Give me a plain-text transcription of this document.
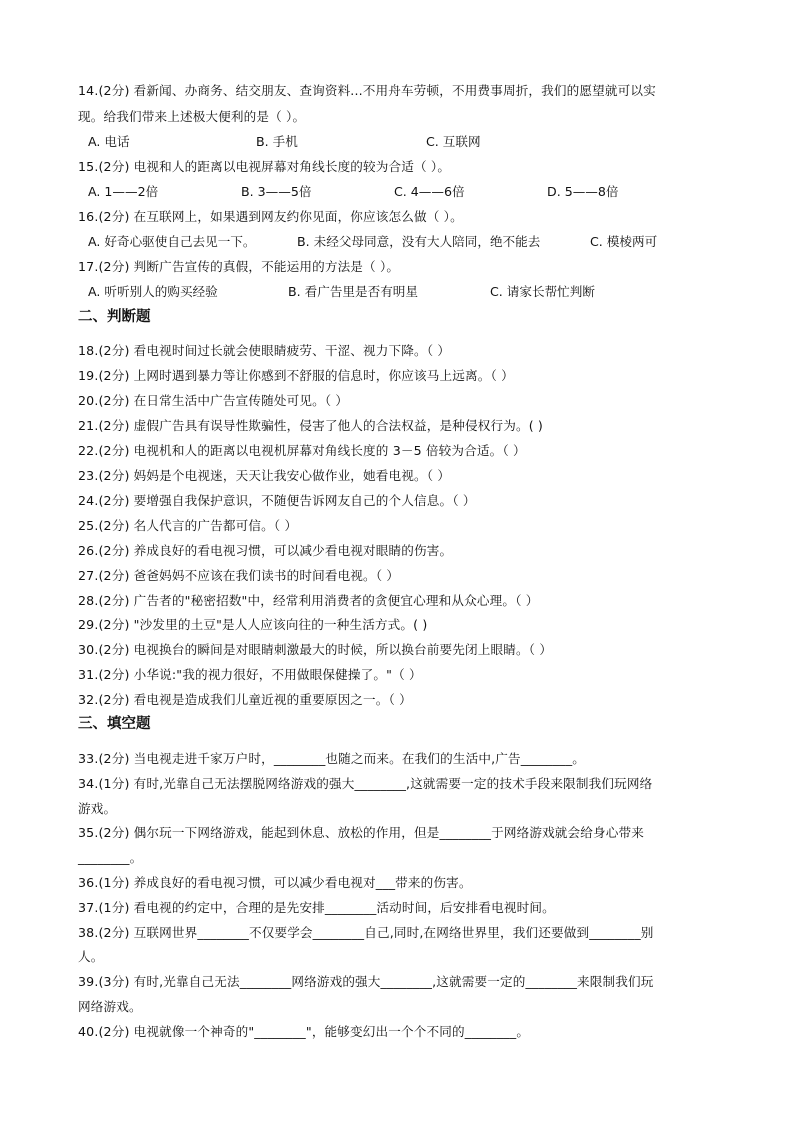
14.(2分) 看新闻、办商务、结交朋友、查询资料...不用舟车劳顿，不用费事周折，我们的愿望就可以实
现。给我们带来上述极大便利的是（ ）。
A. 电话	B. 手机	C. 互联网
15.(2分) 电视和人的距离以电视屏幕对角线长度的较为合适（ ）。
A. 1——2倍	B. 3——5倍	C. 4——6倍	D. 5——8倍
16.(2分) 在互联网上，如果遇到网友约你见面，你应该怎么做（ ）。
A. 好奇心驱使自己去见一下。	B. 未经父母同意，没有大人陪同，绝不能去	C. 模棱两可
17.(2分) 判断广告宣传的真假，不能运用的方法是（ ）。
A. 听听别人的购买经验	B. 看广告里是否有明星	C. 请家长帮忙判断
二、判断题
18.(2分) 看电视时间过长就会使眼睛疲劳、干涩、视力下降。（ ）
19.(2分) 上网时遇到暴力等让你感到不舒服的信息时，你应该马上远离。（ ）
20.(2分) 在日常生活中广告宣传随处可见。（ ）
21.(2分) 虚假广告具有误导性欺骗性，侵害了他人的合法权益，是种侵权行为。( )
22.(2分) 电视机和人的距离以电视机屏幕对角线长度的 3－5 倍较为合适。（ ）
23.(2分) 妈妈是个电视迷，天天让我安心做作业，她看电视。（ ）
24.(2分) 要增强自我保护意识，不随便告诉网友自己的个人信息。（ ）
25.(2分) 名人代言的广告都可信。（ ）
26.(2分) 养成良好的看电视习惯，可以减少看电视对眼睛的伤害。
27.(2分) 爸爸妈妈不应该在我们读书的时间看电视。（ ）
28.(2分) 广告者的"秘密招数"中，经常利用消费者的贪便宜心理和从众心理。（ ）
29.(2分) "沙发里的土豆"是人人应该向往的一种生活方式。( )
30.(2分) 电视换台的瞬间是对眼睛刺激最大的时候，所以换台前要先闭上眼睛。（ ）
31.(2分) 小华说:"我的视力很好，不用做眼保健操了。"（ ）
32.(2分) 看电视是造成我们儿童近视的重要原因之一。（ ）
三、填空题
33.(2分) 当电视走进千家万户时，________也随之而来。在我们的生活中,广告________。
34.(1分) 有时,光靠自己无法摆脱网络游戏的强大________,这就需要一定的技术手段来限制我们玩网络
游戏。
35.(2分) 偶尔玩一下网络游戏，能起到休息、放松的作用，但是________于网络游戏就会给身心带来
________。
36.(1分) 养成良好的看电视习惯，可以减少看电视对___带来的伤害。
37.(1分) 看电视的约定中，合理的是先安排________活动时间，后安排看电视时间。
38.(2分) 互联网世界________不仅要学会________自己,同时,在网络世界里，我们还要做到________别
人。
39.(3分) 有时,光靠自己无法________网络游戏的强大________,这就需要一定的________来限制我们玩
网络游戏。
40.(2分) 电视就像一个神奇的"________"，能够变幻出一个个不同的________。
